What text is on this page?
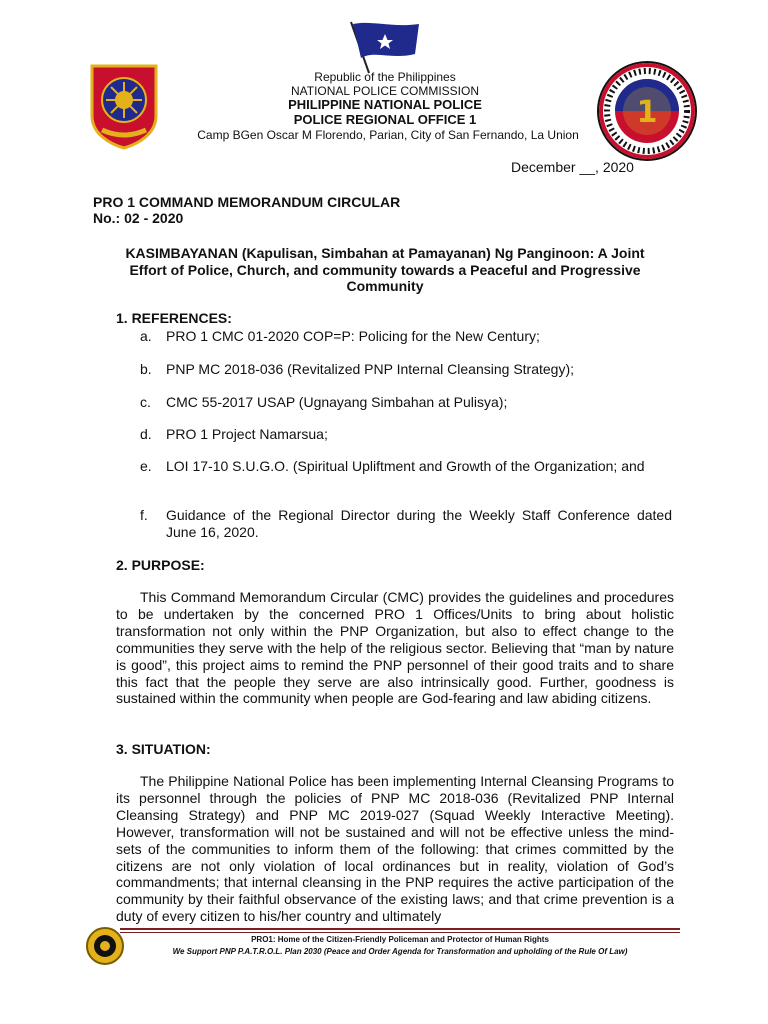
1
Republic of the Philippines
NATIONAL POLICE COMMISSION
PHILIPPINE NATIONAL POLICE
POLICE REGIONAL OFFICE 1
Camp BGen Oscar M Florendo, Parian, City of San Fernando, La Union
December __, 2020
PRO 1 COMMAND MEMORANDUM CIRCULAR
No.: 02 - 2020
KASIMBAYANAN (Kapulisan, Simbahan at Pamayanan) Ng Panginoon: A Joint
Effort of Police, Church, and community towards a Peaceful and Progressive
Community
1. REFERENCES:
a. PRO 1 CMC 01-2020 COP=P: Policing for the New Century;
b. PNP MC 2018-036 (Revitalized PNP Internal Cleansing Strategy);
c. CMC 55-2017 USAP (Ugnayang Simbahan at Pulisya);
d. PRO 1 Project Namarsua;
e. LOI 17-10 S.U.G.O. (Spiritual Upliftment and Growth of the Organization; and
f. Guidance of the Regional Director during the Weekly Staff Conference dated June 16, 2020.
2. PURPOSE:
This Command Memorandum Circular (CMC) provides the guidelines and procedures to be undertaken by the concerned PRO 1 Offices/Units to bring about holistic transformation not only within the PNP Organization, but also to effect change to the communities they serve with the help of the religious sector. Believing that “man by nature is good”, this project aims to remind the PNP personnel of their good traits and to share this fact that the people they serve are also intrinsically good. Further, goodness is sustained within the community when people are God-fearing and law abiding citizens.
3. SITUATION:
The Philippine National Police has been implementing Internal Cleansing Programs to its personnel through the policies of PNP MC 2018-036 (Revitalized PNP Internal Cleansing Strategy) and PNP MC 2019-027 (Squad Weekly Interactive Meeting). However, transformation will not be sustained and will not be effective unless the mind-sets of the communities to inform them of the following: that crimes committed by the citizens are not only violation of local ordinances but in reality, violation of God’s commandments; that internal cleansing in the PNP requires the active participation of the community by their faithful observance of the existing laws; and that crime prevention is a duty of every citizen to his/her country and ultimately
PRO1: Home of the Citizen-Friendly Policeman and Protector of Human Rights
We Support PNP P.A.T.R.O.L. Plan 2030 (Peace and Order Agenda for Transformation and upholding of the Rule Of Law)
